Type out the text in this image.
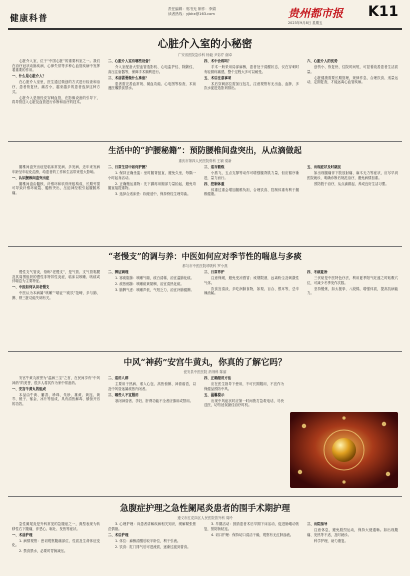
健康科普
责任编辑：郭书光 制作：李娟
读者热线：yjbkx@163.com	贵州都市报
2023年9月8日 星期五
K11
心脏介入室的小秘密
广安省医院急诊科 杨毅 尹彩芹 谢卓

心脏介入室，位于“中国心脏”的重要科室之一。我们在治疗冠状动脉疾病，心律失常等多种心血管疾病中发挥着重要的作用。

一、什么是心脏介入？

在心脏介入室里，医生通过微创的方式进行检查和治疗，患者恢复快、痛苦小，越来越多的患者选择这种方式。

心脏介入是指经皮穿刺血管，在影像设备的引导下，将导管送入心脏及血管进行诊断和治疗的技术。

二、心脏介入室有哪些设备？

介入室配备大型血管造影机、心电监护仪、除颤仪、高压注射器等，保障手术顺利进行。

三、术前需要做什么准备？

患者需完善血常规、凝血功能、心电图等检查，术前遵医嘱禁食禁水。

四、术中会疼吗？

手术一般采用局部麻醉，患者处于清醒状态，仅在穿刺时有轻微疼痛感，整个过程大多可以耐受。

五、术后注意事项

术后穿刺部位需加压包扎，注意观察有无出血、血肿，多饮水促进造影剂排出。

六、心脏介入的优势

创伤小、恢复快、住院时间短，可显著改善患者生活质量。

心脏健康需要长期管理，规律作息、合理饮食、适量运动，定期复查，才能远离心血管疾病。

生活中的“护腰秘籍”：预防腰椎间盘突出，从点滴做起
重庆市第四人民医院骨科 王颖 梁新

腰椎间盘突出症是临床常见病、多发病，近年来发病年龄呈年轻化趋势，给患者的工作和生活带来很大影响。

一、认识腰椎间盘突出症

腰椎间盘由髓核、纤维环和软骨终板构成，长期劳损可导致纤维环破裂、髓核突出，压迫神经根引起腰腿疼痛。

二、日常生活中如何护腰？

1. 保持正确坐姿：坐时腰背挺直，避免久坐，每隔一小时起身活动。

2. 正确搬运重物：先下蹲再用腿部力量抬起，避免弯腰直接提重物。

3. 选择合适床垫：软硬适中，保持脊柱生理弯曲。

三、适当锻炼

小燕飞、五点支撑等动作可增强腰背肌力量，但应循序渐进，量力而行。

四、控制体重

体重过重会增加腰椎负担，合理饮食、控制体重有利于腰椎健康。

五、出现症状及时就医

如出现腰痛伴下肢放射痛、麻木无力等症状，应尽早到医院就诊，明确诊断后规范治疗，避免病情加重。

预防胜于治疗，从点滴做起，养成良好生活习惯。

“老慢支”的调与养：中医如何应对季节性的喘息与多痰
都匀市中医医院呼吸科 罗小燕

慢性支气管炎，俗称“老慢支”，是气管、支气管黏膜及其周围组织的慢性非特异性炎症，临床以咳嗽、咳痰或伴喘息为主要特征。

一、中医如何认识老慢支

中医认为本病属“咳嗽”“喘证”“痰饮”范畴，多与肺、脾、肾三脏功能失调有关。

二、辨证调理

1. 寒痰阻肺：咳嗽气喘，痰白清稀，治宜温肺化痰。

2. 痰热郁肺：咳嗽痰黄黏稠，治宜清热化痰。

3. 肺脾气虚：咳嗽声低，气短乏力，治宜补肺健脾。

三、日常养护

注意保暖，避免受凉感冒；戒烟限酒，远离粉尘及刺激性气体。

饮食宜清淡，多吃润肺食物，如梨、百合、银耳等，忌辛辣油腻。

四、冬病夏治

三伏贴是中医特色疗法，利用夏季阳气旺盛之时贴敷穴位，可减少冬季发作次数。

坚持锻炼，如太极拳、八段锦，增强体质，提高抗病能力。

中风“神药”安宫牛黄丸，你真的了解它吗？
瓮安县中医医院 药剂科 陈丽

安宫牛黄丸被誉为“温病三宝”之首，在民间享有“中风神药”的美誉，很多人将其作为家中常备药。

一、安宫牛黄丸的组成

本品由牛黄、麝香、珍珠、朱砂、雄黄、黄连、黄芩、栀子、郁金、冰片等组成，具有清热解毒、镇惊开窍的功效。

二、适用人群

主要用于热病、邪入心包、高热惊厥、神昏谵语，以及中风昏迷属痰热内闭者。

三、哪些人不宜服用

寒闭神昏者、孕妇、肝肾功能不全者应慎用或禁用。

四、正确服用方法

应在医生指导下使用，不可长期服用，不宜作为保健品预防中风。

五、温馨提示

出现中风症状时应第一时间拨打急救电话，尽快送医，切勿延误最佳治疗时机。

急腹症护理之急性阑尾炎患者的围手术期护理
遵义市红花岗区人民医院普外科 周玲

急性阑尾炎是外科常见的急腹症之一，典型表现为转移性右下腹痛，伴恶心、呕吐、发热等症状。

一、术前护理

1. 病情观察：密切观察腹痛部位、性质及生命体征变化。

2. 禁食禁水，必要时胃肠减压。

3. 心理护理：向患者讲解疾病相关知识，缓解紧张焦虑情绪。

二、术后护理

1. 体位：麻醉清醒后取半卧位，利于引流。

2. 饮食：肛门排气后可进流质，逐渐过渡到普食。

3. 早期活动：鼓励患者术后早期下床活动，促进肠蠕动恢复，预防肠粘连。

4. 切口护理：保持切口清洁干燥，观察有无红肿渗液。

三、出院指导

注意休息，避免剧烈运动，保持大便通畅。如出现腹痛、发热等不适，及时就诊。

科学护理，助力康复。
